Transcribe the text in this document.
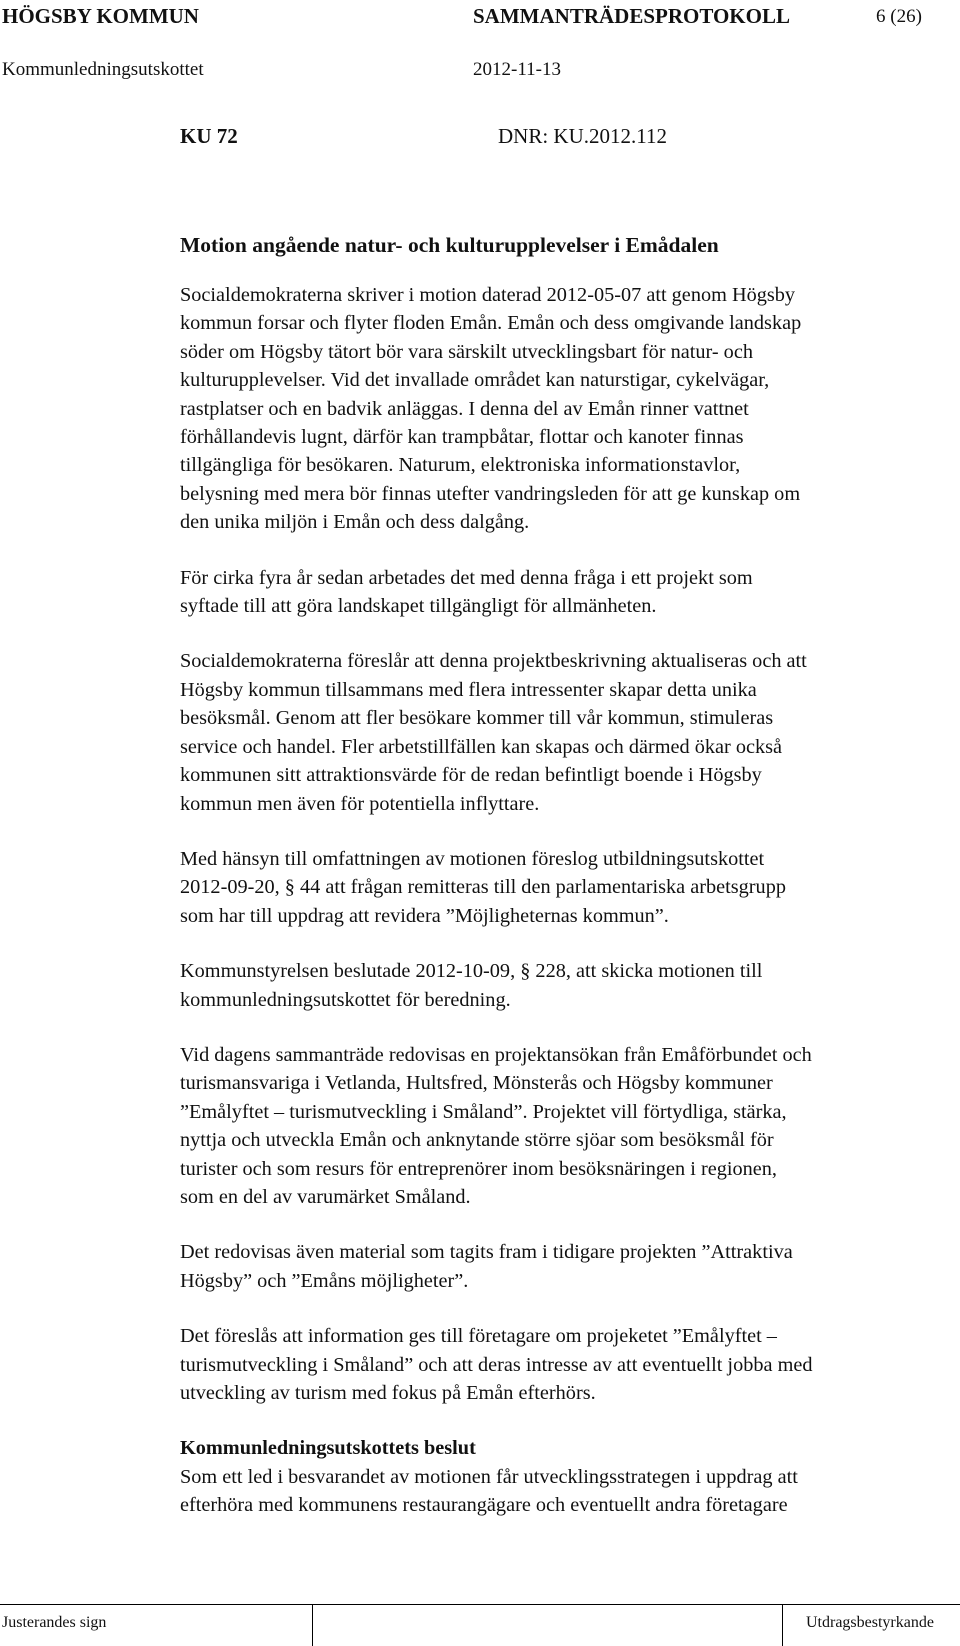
HÖGSBY KOMMUN	SAMMANTRÄDESPROTOKOLL	6 (26)
Kommunledningsutskottet	2012-11-13
KU 72	DNR: KU.2012.112
Motion angående natur- och kulturupplevelser i Emådalen

Socialdemokraterna skriver i motion daterad 2012-05-07 att genom Högsby
kommun forsar och flyter floden Emån. Emån och dess omgivande landskap
söder om Högsby tätort bör vara särskilt utvecklingsbart för natur- och
kulturupplevelser. Vid det invallade området kan naturstigar, cykelvägar,
rastplatser och en badvik anläggas. I denna del av Emån rinner vattnet
förhållandevis lugnt, därför kan trampbåtar, flottar och kanoter finnas
tillgängliga för besökaren. Naturum, elektroniska informationstavlor,
belysning med mera bör finnas utefter vandringsleden för att ge kunskap om
den unika miljön i Emån och dess dalgång.

För cirka fyra år sedan arbetades det med denna fråga i ett projekt som
syftade till att göra landskapet tillgängligt för allmänheten.

Socialdemokraterna föreslår att denna projektbeskrivning aktualiseras och att
Högsby kommun tillsammans med flera intressenter skapar detta unika
besöksmål. Genom att fler besökare kommer till vår kommun, stimuleras
service och handel. Fler arbetstillfällen kan skapas och därmed ökar också
kommunen sitt attraktionsvärde för de redan befintligt boende i Högsby
kommun men även för potentiella inflyttare.

Med hänsyn till omfattningen av motionen föreslog utbildningsutskottet
2012-09-20, § 44 att frågan remitteras till den parlamentariska arbetsgrupp
som har till uppdrag att revidera ”Möjligheternas kommun”.

Kommunstyrelsen beslutade 2012-10-09, § 228, att skicka motionen till
kommunledningsutskottet för beredning.

Vid dagens sammanträde redovisas en projektansökan från Emåförbundet och
turismansvariga i Vetlanda, Hultsfred, Mönsterås och Högsby kommuner
”Emålyftet – turismutveckling i Småland”. Projektet vill förtydliga, stärka,
nyttja och utveckla Emån och anknytande större sjöar som besöksmål för
turister och som resurs för entreprenörer inom besöksnäringen i regionen,
som en del av varumärket Småland.

Det redovisas även material som tagits fram i tidigare projekten ”Attraktiva
Högsby” och ”Emåns möjligheter”.

Det föreslås att information ges till företagare om projeketet ”Emålyftet –
turismutveckling i Småland” och att deras intresse av att eventuellt jobba med
utveckling av turism med fokus på Emån efterhörs.

Kommunledningsutskottets beslut

Som ett led i besvarandet av motionen får utvecklingsstrategen i uppdrag att
efterhöra med kommunens restaurangägare och eventuellt andra företagare

Justerandes sign	Utdragsbestyrkande
